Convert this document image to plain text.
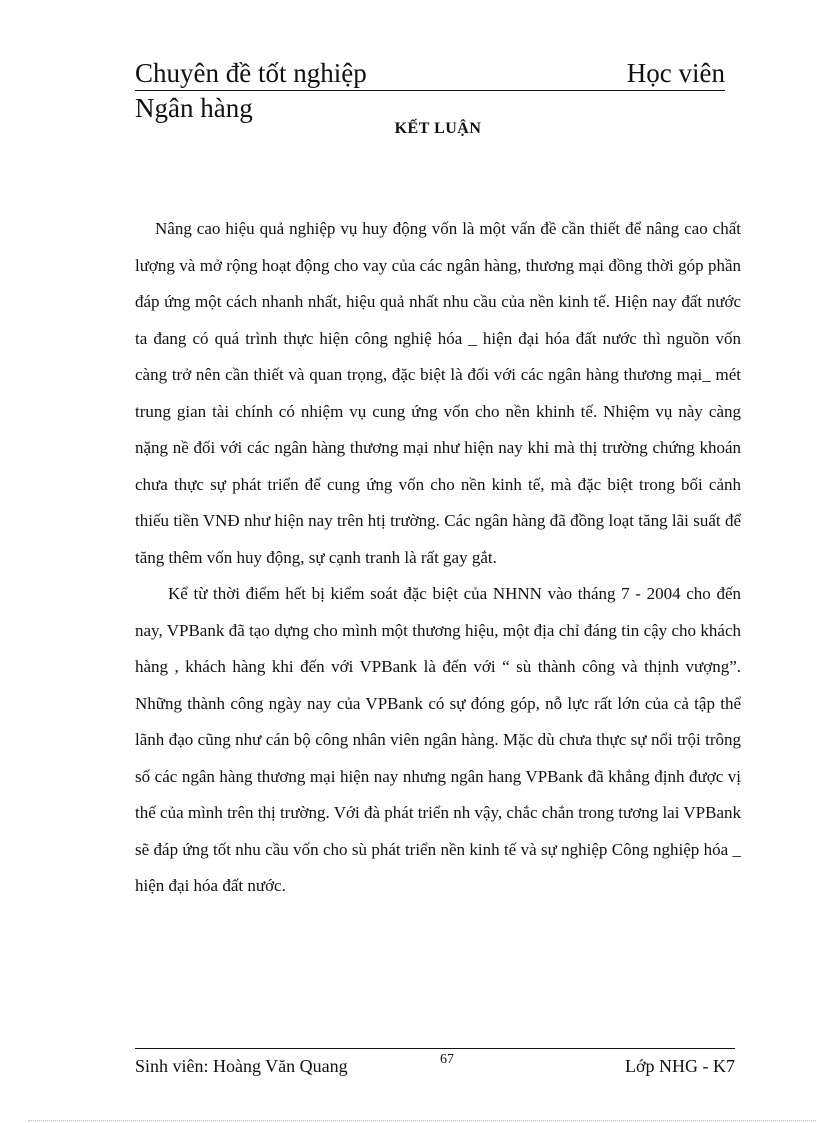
Chuyên đề tốt nghiệp	Học viên
Ngân hàng
KẾT LUẬN

Nâng cao hiệu quả nghiệp vụ huy động vốn là một vấn đề cần thiết để nâng cao chất lượng và mở rộng hoạt động cho vay của các ngân hàng, thương mại đồng thời góp phần đáp ứng một cách nhanh nhất, hiệu quả nhất nhu cầu của nền kinh tế. Hiện nay đất nước ta đang có quá trình thực hiện công nghiệ hóa _ hiện đại hóa đất nước thì nguồn vốn càng trở nên cần thiết và quan trọng, đặc biệt là đối với các ngân hàng thương mại_ mét trung gian tài chính có nhiệm vụ cung ứng vốn cho nền khinh tế. Nhiệm vụ này càng nặng nề đối với các ngân hàng thương mại như hiện nay khi mà thị trường chứng khoán chưa thực sự phát triển để cung ứng vốn cho nền kinh tế, mà đặc biệt trong bối cảnh thiếu tiền VNĐ như hiện nay trên htị trường. Các ngân hàng đã đồng loạt tăng lãi suất để tăng thêm vốn huy động, sự cạnh tranh là rất gay gắt.

Kể từ thời điểm hết bị kiểm soát đặc biệt của NHNN vào tháng 7 - 2004 cho đến nay, VPBank đã tạo dựng cho mình một thương hiệu, một địa chỉ đáng tin cậy cho khách hàng , khách hàng khi đến với VPBank là đến với “ sù thành công và thịnh vượng”. Những thành công ngày nay của VPBank có sự đóng góp, nỗ lực rất lớn của cả tập thể lãnh đạo cũng như cán bộ công nhân viên ngân hàng. Mặc dù chưa thực sự nổi trội trông số các ngân hàng thương mại hiện nay nhưng ngân hang VPBank đã khẳng định được vị thế của mình trên thị trường. Với đà phát triển nh vậy, chắc chắn trong tương lai VPBank sẽ đáp ứng tốt nhu cầu vốn cho sù phát triển nền kinh tế và sự nghiệp Công nghiệp hóa _ hiện đại hóa đất nước.

Sinh viên: Hoàng Văn Quang	67	Lớp NHG - K7
